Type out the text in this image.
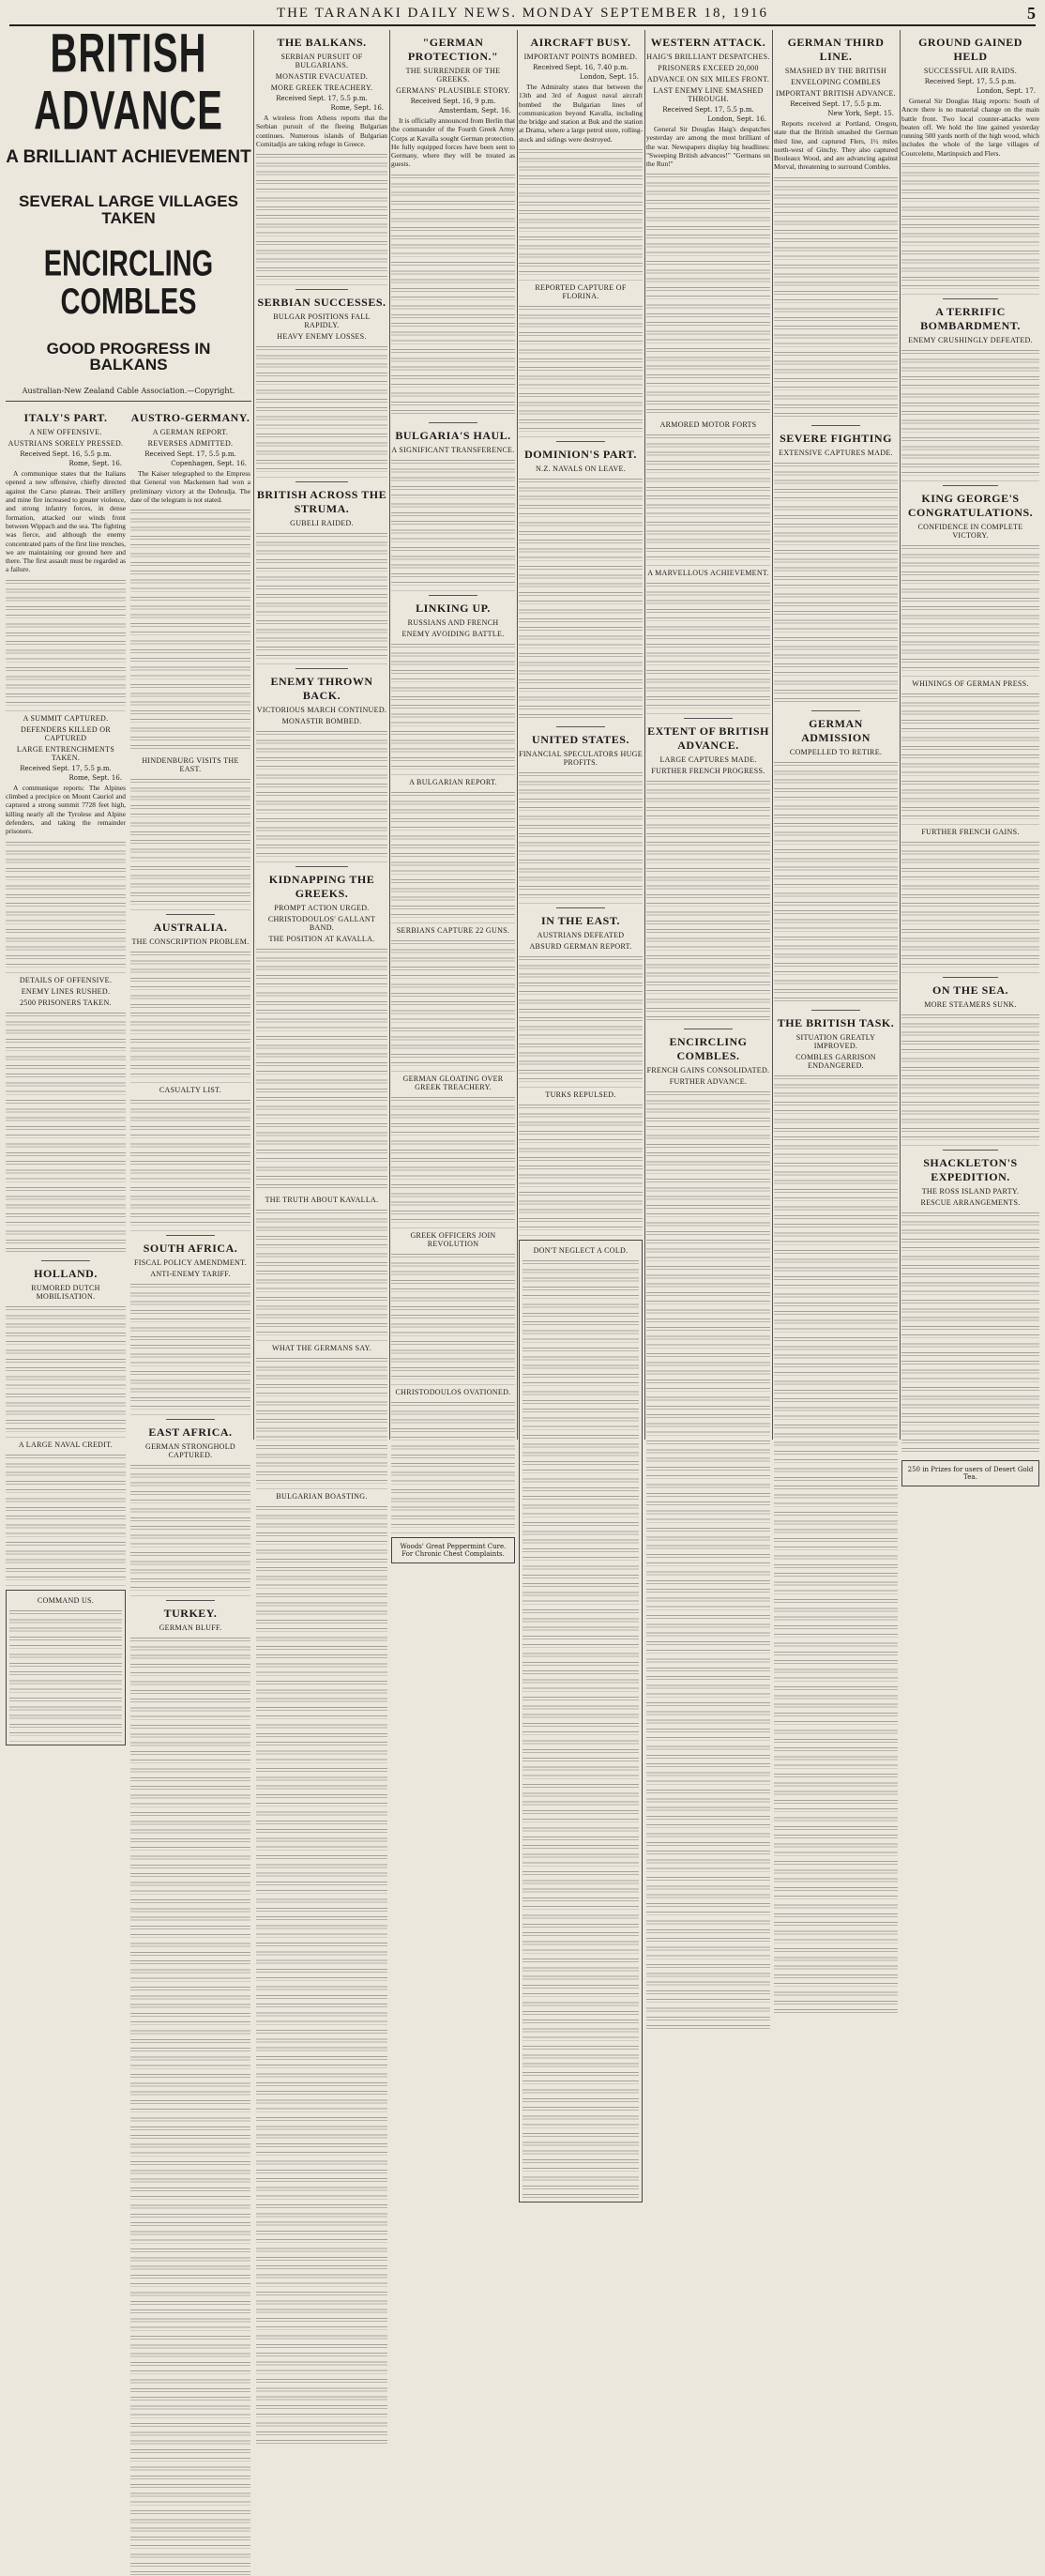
THE TARANAKI DAILY NEWS. MONDAY SEPTEMBER 18, 1916	5

BRITISH ADVANCE

A BRILLIANT ACHIEVEMENT

SEVERAL LARGE VILLAGES TAKEN

ENCIRCLING COMBLES

GOOD PROGRESS IN BALKANS

Australian-New Zealand Cable Association.—Copyright.

ITALY'S PART.
A NEW OFFENSIVE.
AUSTRIANS SORELY PRESSED.

Received Sept. 16, 5.5 p.m.

Rome, Sept. 16.

A communique states that the Italians opened a new offensive, chiefly directed against the Carso plateau. Their artillery and mine fire increased to greater violence, and strong infantry forces, in dense formation, attacked our winds front between Wippach and the sea. The fighting was fierce, and although the enemy concentrated parts of the first line trenches, we are maintaining our ground here and there. The first assault must be regarded as a failure.

A SUMMIT CAPTURED.
DEFENDERS KILLED OR CAPTURED
LARGE ENTRENCHMENTS TAKEN.

Received Sept. 17, 5.5 p.m.

Rome, Sept. 16.

A communique reports: The Alpines climbed a precipice on Mount Cauriol and captured a strong summit 7728 feet high, killing nearly all the Tyrolese and Alpine defenders, and taking the remainder prisoners.

DETAILS OF OFFENSIVE.
ENEMY LINES RUSHED.
2500 PRISONERS TAKEN.
HOLLAND.
RUMORED DUTCH MOBILISATION.
A LARGE NAVAL CREDIT.
COMMAND US.
AUSTRO-GERMANY.
A GERMAN REPORT.
REVERSES ADMITTED.

Received Sept. 17, 5.5 p.m.

Copenhagen, Sept. 16.

The Kaiser telegraphed to the Empress that General von Mackensen had won a preliminary victory at the Dobrudja. The date of the telegram is not stated.

HINDENBURG VISITS THE EAST.
AUSTRALIA.
THE CONSCRIPTION PROBLEM.
CASUALTY LIST.
SOUTH AFRICA.
FISCAL POLICY AMENDMENT.
ANTI-ENEMY TARIFF.
EAST AFRICA.
GERMAN STRONGHOLD CAPTURED.
TURKEY.
GERMAN BLUFF.
THE BALKANS.
SERBIAN PURSUIT OF BULGARIANS.
MONASTIR EVACUATED.
MORE GREEK TREACHERY.

Received Sept. 17, 5.5 p.m.

Rome, Sept. 16.

A wireless from Athens reports that the Serbian pursuit of the fleeing Bulgarian continues. Numerous islands of Bulgarian Comitadjis are taking refuge in Greece.

SERBIAN SUCCESSES.
BULGAR POSITIONS FALL RAPIDLY.
HEAVY ENEMY LOSSES.
BRITISH ACROSS THE STRUMA.
GUBELI RAIDED.
ENEMY THROWN BACK.
VICTORIOUS MARCH CONTINUED.
MONASTIR BOMBED.
KIDNAPPING THE GREEKS.
PROMPT ACTION URGED.
CHRISTODOULOS' GALLANT BAND.
THE POSITION AT KAVALLA.
THE TRUTH ABOUT KAVALLA.
WHAT THE GERMANS SAY.
BULGARIAN BOASTING.
"GERMAN PROTECTION."
THE SURRENDER OF THE GREEKS.
GERMANS' PLAUSIBLE STORY.

Received Sept. 16, 9 p.m.

Amsterdam, Sept. 16.

It is officially announced from Berlin that the commander of the Fourth Greek Army Corps at Kavalla sought German protection. He fully equipped forces have been sent to Germany, where they will be treated as guests.

BULGARIA'S HAUL.
A SIGNIFICANT TRANSFERENCE.
LINKING UP.
RUSSIANS AND FRENCH
ENEMY AVOIDING BATTLE.
A BULGARIAN REPORT.
SERBIANS CAPTURE 22 GUNS.
GERMAN GLOATING OVER GREEK TREACHERY.
GREEK OFFICERS JOIN REVOLUTION
CHRISTODOULOS OVATIONED.

Woods' Great Peppermint Cure. For Chronic Chest Complaints.

AIRCRAFT BUSY.
IMPORTANT POINTS BOMBED.

Received Sept. 16, 7.40 p.m.

London, Sept. 15.

The Admiralty states that between the 13th and 3rd of August naval aircraft bombed the Bulgarian lines of communication beyond Kavalla, including the bridge and station at Buk and the station at Drama, where a large petrol store, rolling-stock and sidings were destroyed.

REPORTED CAPTURE OF FLORINA.
DOMINION'S PART.
N.Z. NAVALS ON LEAVE.
UNITED STATES.
FINANCIAL SPECULATORS HUGE PROFITS.
IN THE EAST.
AUSTRIANS DEFEATED
ABSURD GERMAN REPORT.
TURKS REPULSED.
DON'T NEGLECT A COLD.
WESTERN ATTACK.
HAIG'S BRILLIANT DESPATCHES.
PRISONERS EXCEED 20,000
ADVANCE ON SIX MILES FRONT.
LAST ENEMY LINE SMASHED THROUGH.

Received Sept. 17, 5.5 p.m.

London, Sept. 16.

General Sir Douglas Haig's despatches yesterday are among the most brilliant of the war. Newspapers display big headlines: "Sweeping British advances!" "Germans on the Run!"

ARMORED MOTOR FORTS
A MARVELLOUS ACHIEVEMENT.
EXTENT OF BRITISH ADVANCE.
LARGE CAPTURES MADE.
FURTHER FRENCH PROGRESS.
ENCIRCLING COMBLES.
FRENCH GAINS CONSOLIDATED.
FURTHER ADVANCE.
GERMAN THIRD LINE.
SMASHED BY THE BRITISH
ENVELOPING COMBLES
IMPORTANT BRITISH ADVANCE.

Received Sept. 17, 5.5 p.m.

New York, Sept. 15.

Reports received at Portland, Oregon, state that the British smashed the German third line, and captured Flers, 1½ miles north-west of Ginchy. They also captured Bouleaux Wood, and are advancing against Morval, threatening to surround Combles.

SEVERE FIGHTING
EXTENSIVE CAPTURES MADE.
GERMAN ADMISSION
COMPELLED TO RETIRE.
THE BRITISH TASK.
SITUATION GREATLY IMPROVED.
COMBLES GARRISON ENDANGERED.
GROUND GAINED HELD
SUCCESSFUL AIR RAIDS.

Received Sept. 17, 5.5 p.m.

London, Sept. 17.

General Sir Douglas Haig reports: South of Ancre there is no material change on the main battle front. Two local counter-attacks were beaten off. We hold the line gained yesterday running 500 yards north of the high wood, which includes the whole of the large villages of Courcelette, Martinpuich and Flers.

A TERRIFIC BOMBARDMENT.
ENEMY CRUSHINGLY DEFEATED.
KING GEORGE'S CONGRATULATIONS.
CONFIDENCE IN COMPLETE VICTORY.
WHININGS OF GERMAN PRESS.
FURTHER FRENCH GAINS.
ON THE SEA.
MORE STEAMERS SUNK.
SHACKLETON'S EXPEDITION.
THE ROSS ISLAND PARTY.
RESCUE ARRANGEMENTS.

250 in Prizes for users of Desert Gold Tea.
